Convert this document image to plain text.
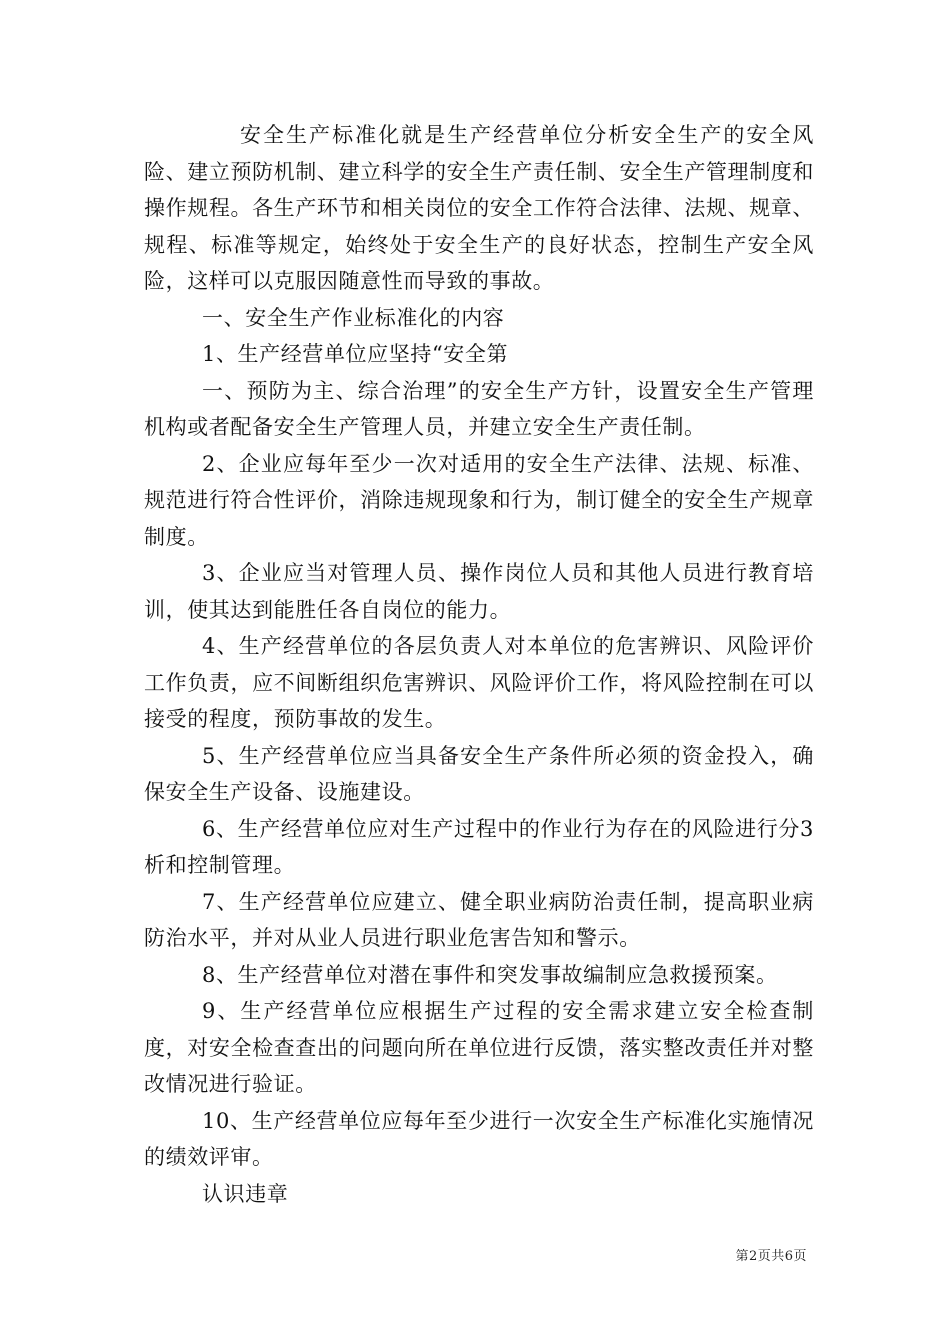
安全生产标准化就是生产经营单位分析安全生产的安全风险、建立预防机制、建立科学的安全生产责任制、安全生产管理制度和操作规程。各生产环节和相关岗位的安全工作符合法律、法规、规章、规程、标准等规定，始终处于安全生产的良好状态，控制生产安全风险，这样可以克服因随意性而导致的事故。

一、安全生产作业标准化的内容

1、生产经营单位应坚持“安全第

一、预防为主、综合治理”的安全生产方针，设置安全生产管理机构或者配备安全生产管理人员，并建立安全生产责任制。

2、企业应每年至少一次对适用的安全生产法律、法规、标准、规范进行符合性评价，消除违规现象和行为，制订健全的安全生产规章制度。

3、企业应当对管理人员、操作岗位人员和其他人员进行教育培训，使其达到能胜任各自岗位的能力。

4、生产经营单位的各层负责人对本单位的危害辨识、风险评价工作负责，应不间断组织危害辨识、风险评价工作，将风险控制在可以接受的程度，预防事故的发生。

5、生产经营单位应当具备安全生产条件所必须的资金投入，确保安全生产设备、设施建设。

6、生产经营单位应对生产过程中的作业行为存在的风险进行分3析和控制管理。

7、生产经营单位应建立、健全职业病防治责任制，提高职业病防治水平，并对从业人员进行职业危害告知和警示。

8、生产经营单位对潜在事件和突发事故编制应急救援预案。

9、生产经营单位应根据生产过程的安全需求建立安全检查制度，对安全检查查出的问题向所在单位进行反馈，落实整改责任并对整改情况进行验证。

10、生产经营单位应每年至少进行一次安全生产标准化实施情况的绩效评审。

认识违章

第2页共6页
